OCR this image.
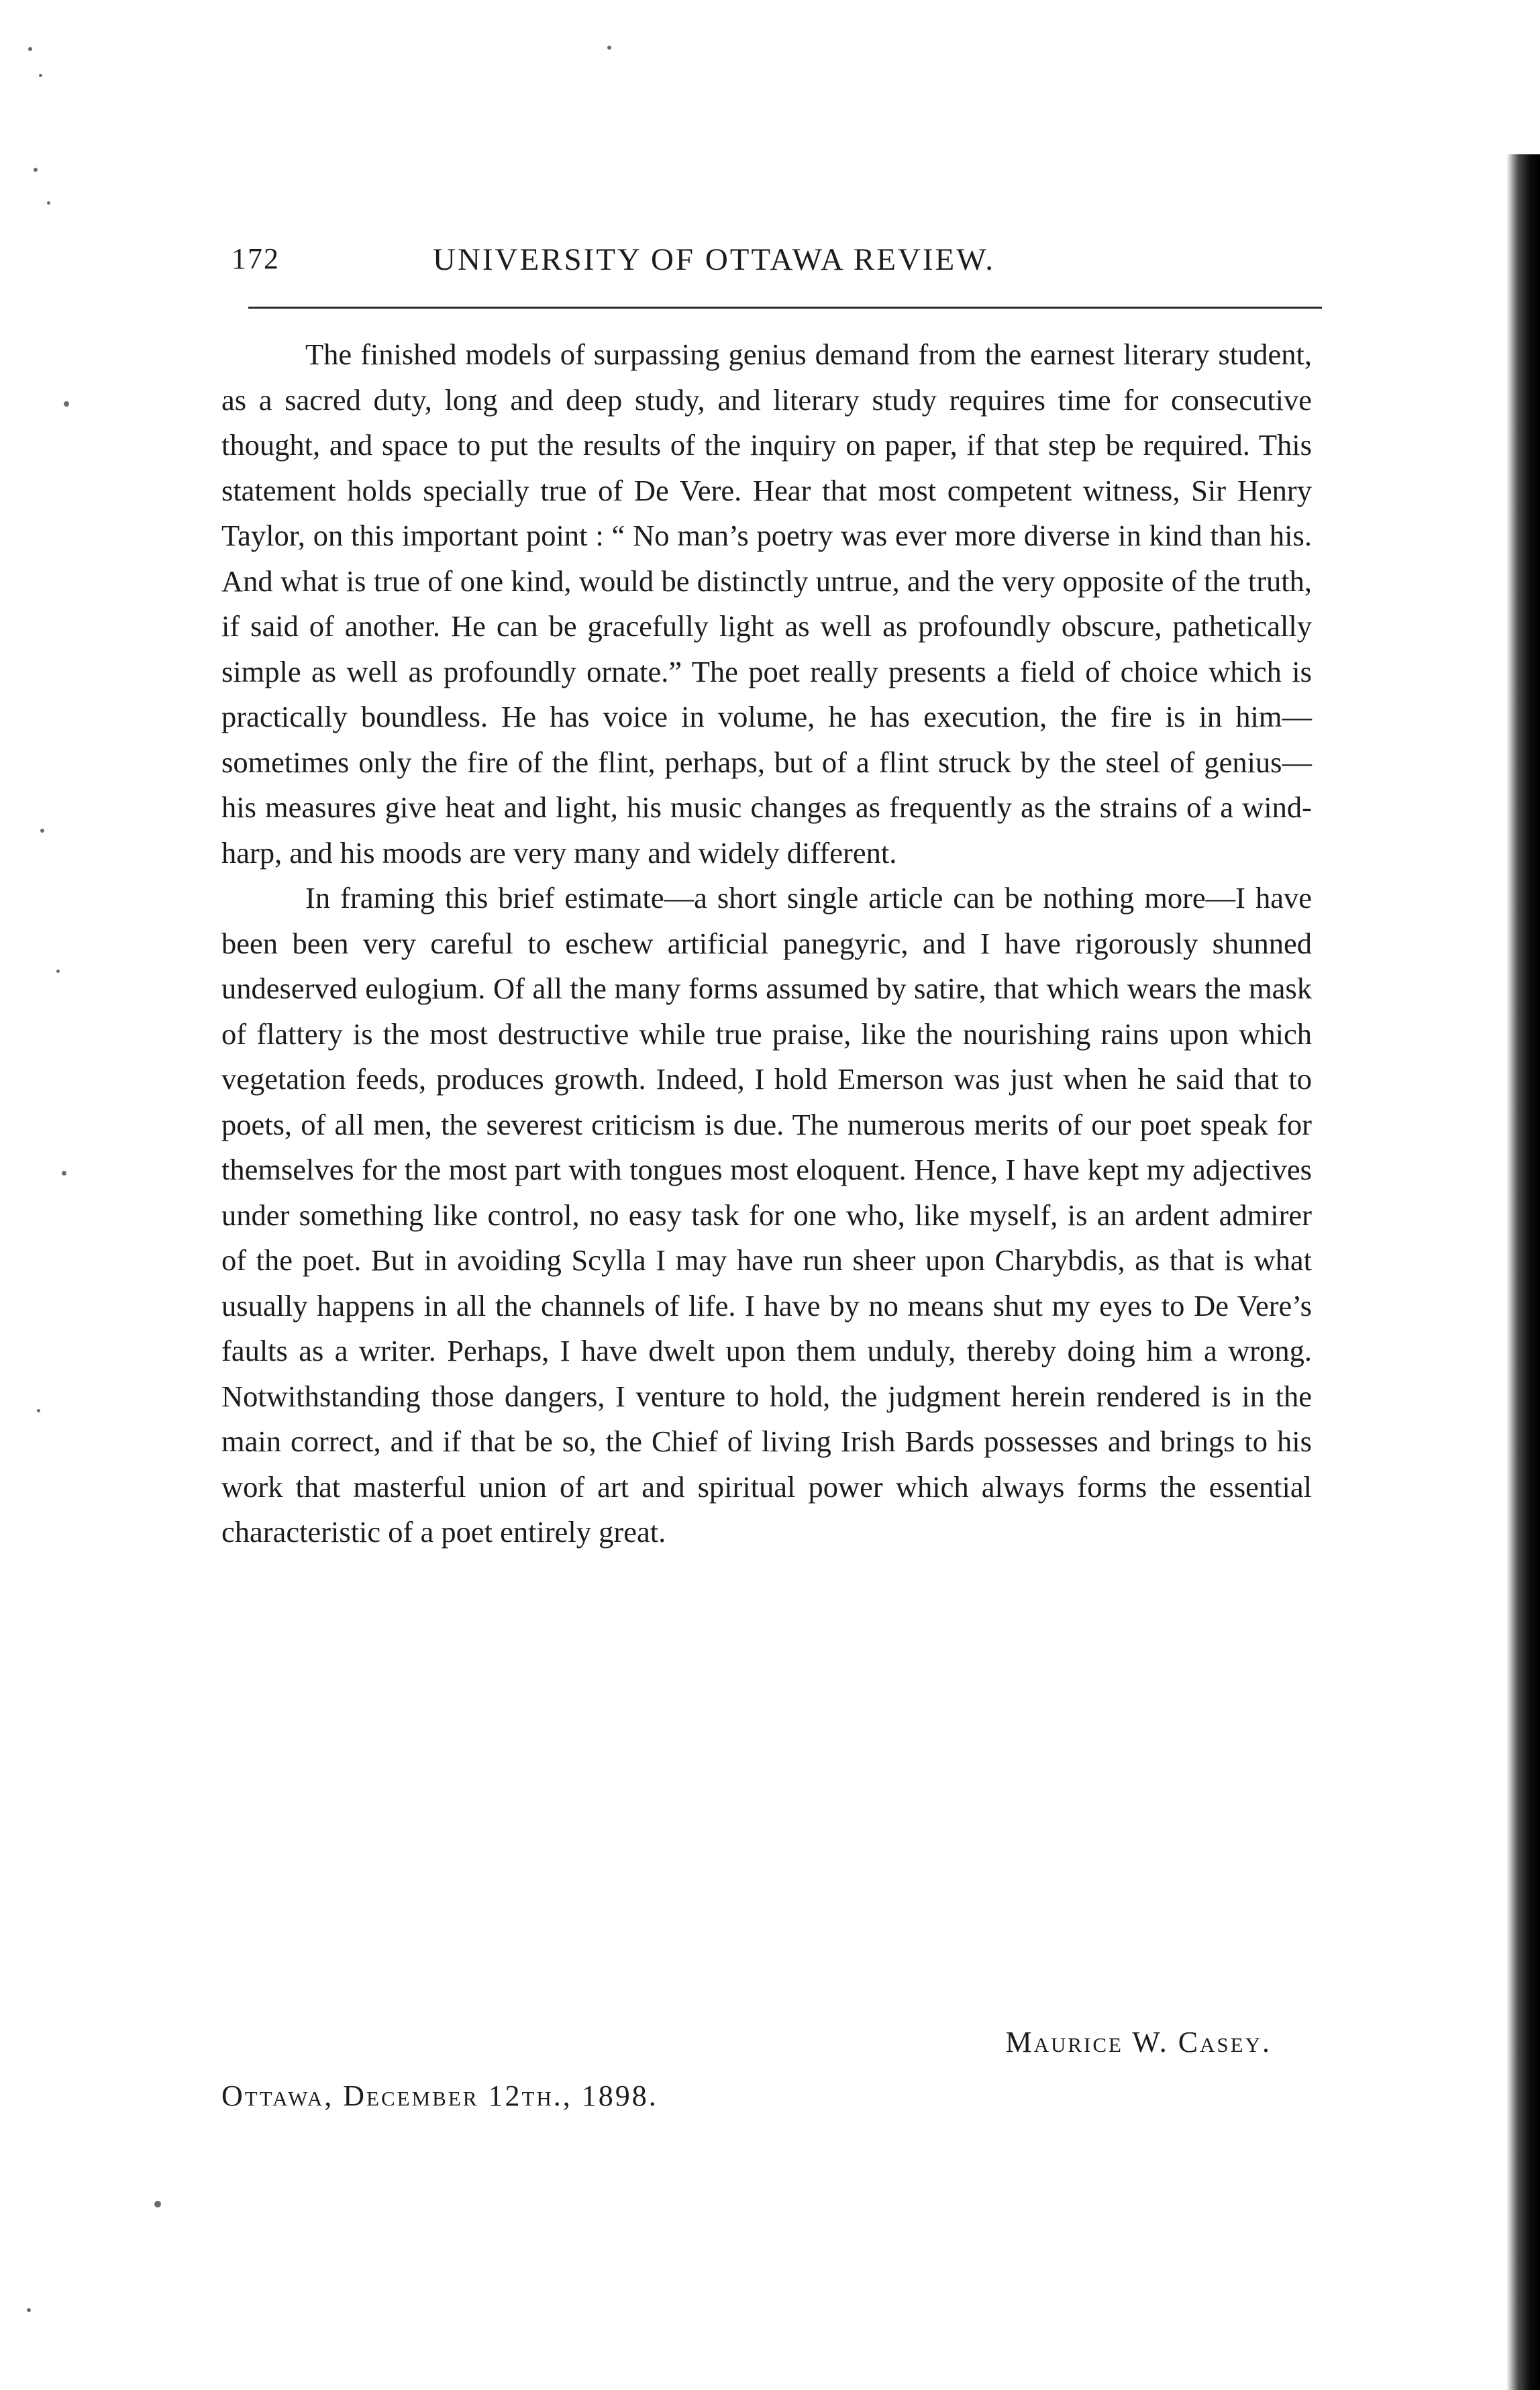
172	UNIVERSITY OF OTTAWA REVIEW.

The finished models of surpassing genius demand from the earnest literary student, as a sacred duty, long and deep study, and literary study requires time for consecutive thought, and space to put the results of the inquiry on paper, if that step be required. This statement holds specially true of De Vere. Hear that most competent witness, Sir Henry Taylor, on this important point : “ No man’s poetry was ever more diverse in kind than his. And what is true of one kind, would be distinctly untrue, and the very opposite of the truth, if said of another. He can be gracefully light as well as profoundly obscure, pathetically simple as well as profoundly ornate.” The poet really presents a field of choice which is practically boundless. He has voice in volume, he has execution, the fire is in him—sometimes only the fire of the flint, perhaps, but of a flint struck by the steel of genius—his measures give heat and light, his music changes as frequently as the strains of a wind-harp, and his moods are very many and widely different.

In framing this brief estimate—a short single article can be nothing more—I have been been very careful to eschew artificial panegyric, and I have rigorously shunned undeserved eulogium. Of all the many forms assumed by satire, that which wears the mask of flattery is the most destructive while true praise, like the nourishing rains upon which vegetation feeds, produces growth. Indeed, I hold Emerson was just when he said that to poets, of all men, the severest criticism is due. The numerous merits of our poet speak for themselves for the most part with tongues most eloquent. Hence, I have kept my adjectives under something like control, no easy task for one who, like myself, is an ardent admirer of the poet. But in avoiding Scylla I may have run sheer upon Charybdis, as that is what usually happens in all the channels of life. I have by no means shut my eyes to De Vere’s faults as a writer. Perhaps, I have dwelt upon them unduly, thereby doing him a wrong. Notwithstanding those dangers, I venture to hold, the judgment herein rendered is in the main correct, and if that be so, the Chief of living Irish Bards possesses and brings to his work that masterful union of art and spiritual power which always forms the essential characteristic of a poet entirely great.

Maurice W. Casey.
Ottawa, December 12th., 1898.
